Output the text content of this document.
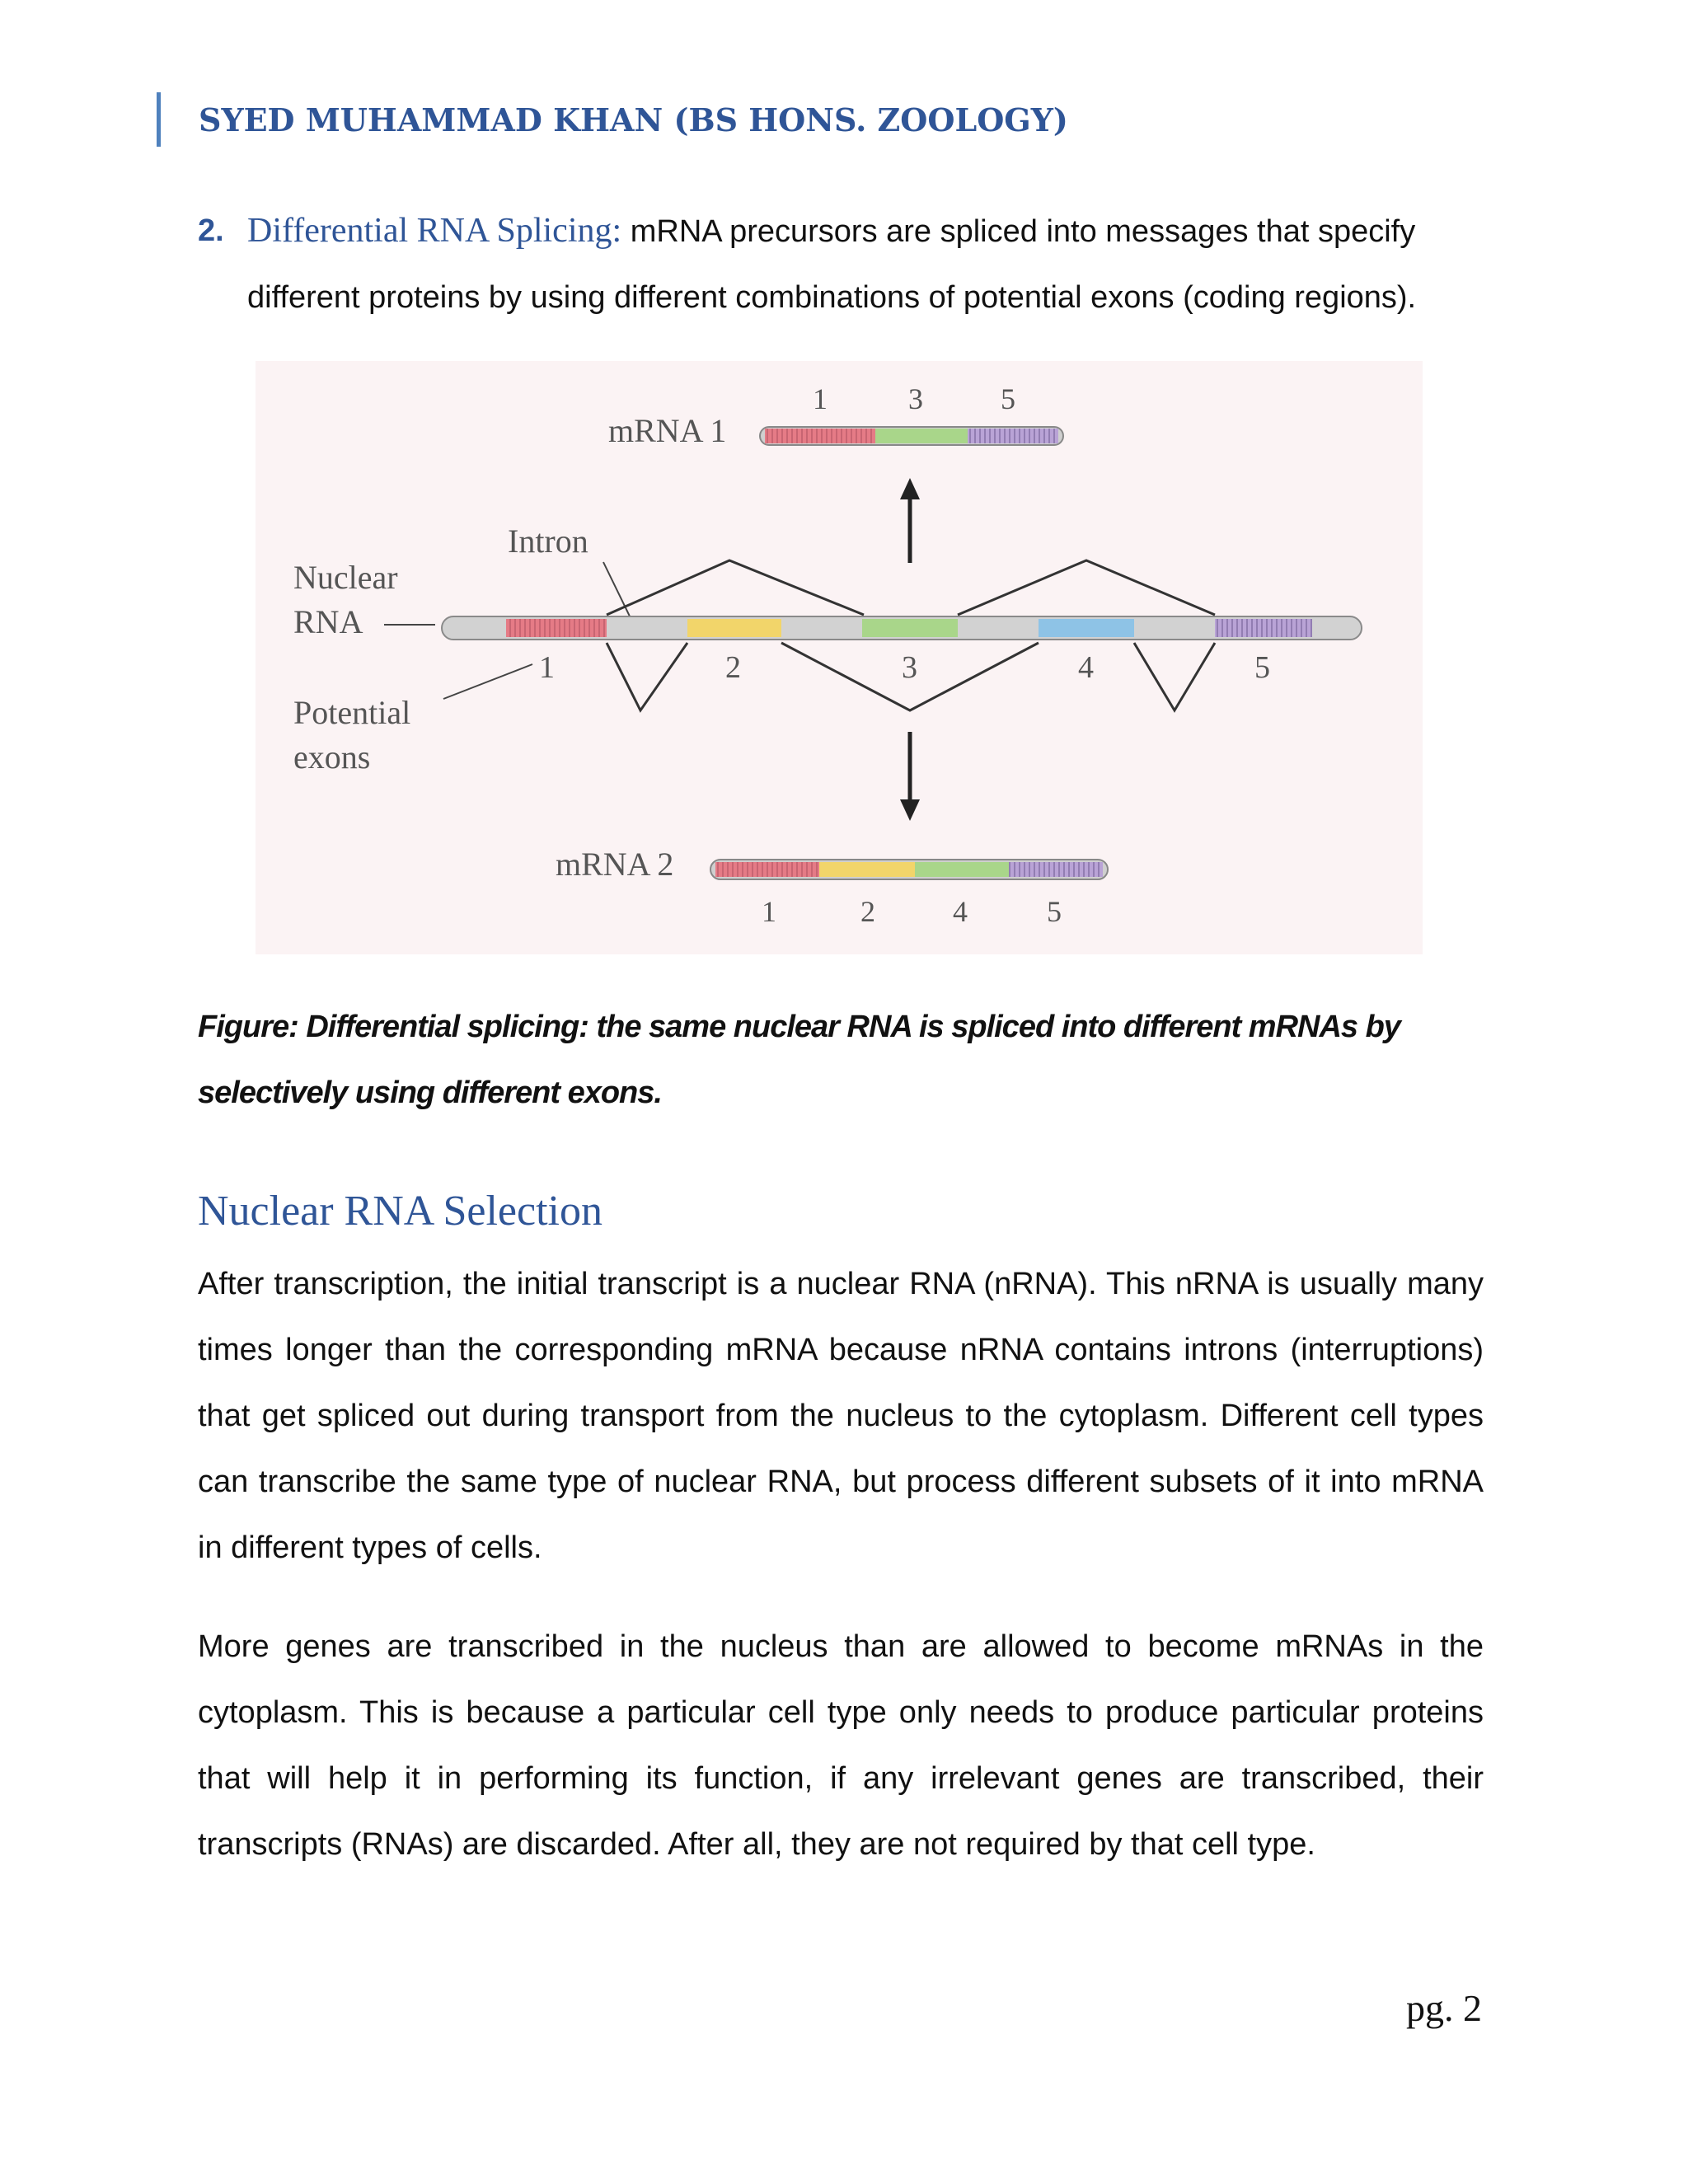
SYED MUHAMMAD KHAN (BS HONS. ZOOLOGY)
2. Differential RNA Splicing: mRNA precursors are spliced into messages that specify different proteins by using different combinations of potential exons (coding regions).
mRNA 1
1	3	5
Intron
Nuclear
RNA
Potential
exons
1	2	3	4	5
mRNA 2
1	2	4	5
Figure: Differential splicing: the same nuclear RNA is spliced into different mRNAs by selectively using different exons.
Nuclear RNA Selection
After transcription, the initial transcript is a nuclear RNA (nRNA). This nRNA is usually many times longer than the corresponding mRNA because nRNA contains introns (interruptions) that get spliced out during transport from the nucleus to the cytoplasm. Different cell types can transcribe the same type of nuclear RNA, but process different subsets of it into mRNA in different types of cells.
More genes are transcribed in the nucleus than are allowed to become mRNAs in the cytoplasm. This is because a particular cell type only needs to produce particular proteins that will help it in performing its function, if any irrelevant genes are transcribed, their transcripts (RNAs) are discarded. After all, they are not required by that cell type.
pg. 2
